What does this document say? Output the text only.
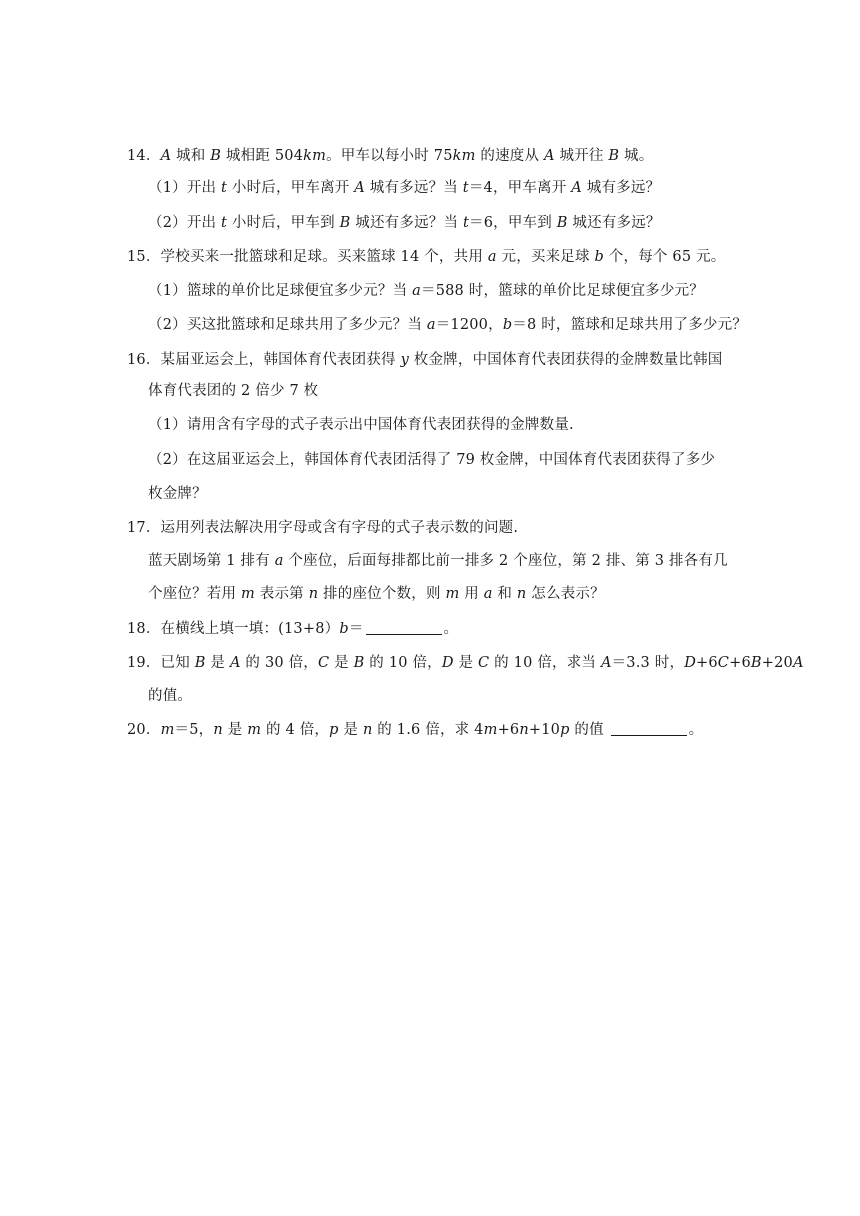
14．A 城和 B 城相距 504km。甲车以每小时 75km 的速度从 A 城开往 B 城。
（1）开出 t 小时后，甲车离开 A 城有多远？当 t＝4，甲车离开 A 城有多远？
（2）开出 t 小时后，甲车到 B 城还有多远？当 t＝6，甲车到 B 城还有多远？
15．学校买来一批篮球和足球。买来篮球 14 个，共用 a 元，买来足球 b 个，每个 65 元。
（1）篮球的单价比足球便宜多少元？当 a＝588 时，篮球的单价比足球便宜多少元？
（2）买这批篮球和足球共用了多少元？当 a＝1200，b＝8 时，篮球和足球共用了多少元？
16．某届亚运会上，韩国体育代表团获得 y 枚金牌，中国体育代表团获得的金牌数量比韩国
体育代表团的 2 倍少 7 枚
（1）请用含有字母的式子表示出中国体育代表团获得的金牌数量.
（2）在这届亚运会上，韩国体育代表团活得了 79 枚金牌，中国体育代表团获得了多少
枚金牌？
17．运用列表法解决用字母或含有字母的式子表示数的问题.
蓝天剧场第 1 排有 a 个座位，后面每排都比前一排多 2 个座位，第 2 排、第 3 排各有几
个座位？若用 m 表示第 n 排的座位个数，则 m 用 a 和 n 怎么表示？
18．在横线上填一填：(13+8）b＝	。
19．已知 B 是 A 的 30 倍，C 是 B 的 10 倍，D 是 C 的 10 倍，求当 A＝3.3 时，D+6C+6B+20A
的值。
20．m＝5，n 是 m 的 4 倍，p 是 n 的 1.6 倍，求 4m+6n+10p 的值	。
